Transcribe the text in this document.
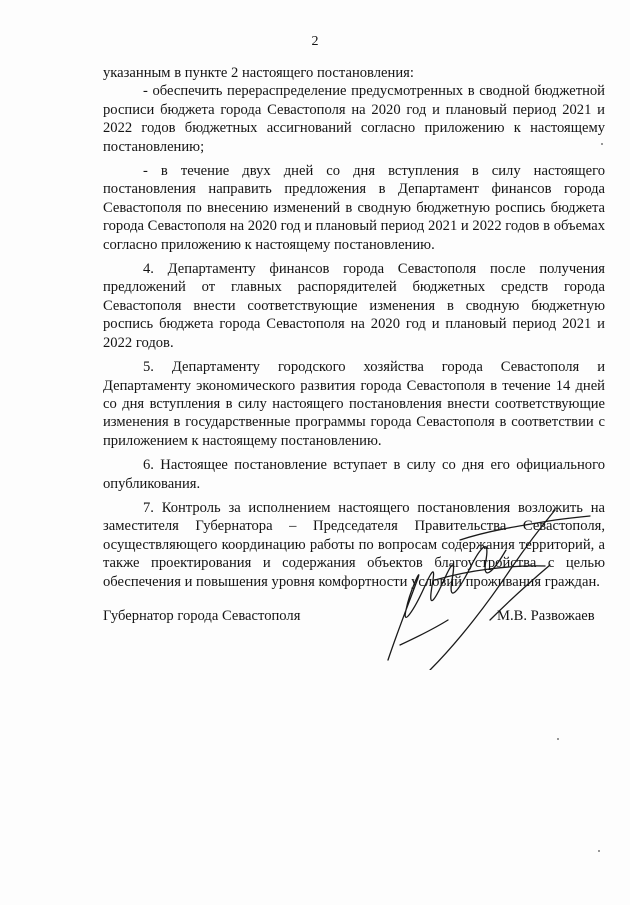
2

указанным в пункте 2 настоящего постановления:

- обеспечить перераспределение предусмотренных в сводной бюджетной росписи бюджета города Севастополя на 2020 год и плановый период 2021 и 2022 годов бюджетных ассигнований согласно приложению к настоящему постановлению;

- в течение двух дней со дня вступления в силу настоящего постановления направить предложения в Департамент финансов города Севастополя по внесению изменений в сводную бюджетную роспись бюджета города Севастополя на 2020 год и плановый период 2021 и 2022 годов в объемах согласно приложению к настоящему постановлению.

4. Департаменту финансов города Севастополя после получения предложений от главных распорядителей бюджетных средств города Севастополя внести соответствующие изменения в сводную бюджетную роспись бюджета города Севастополя на 2020 год и плановый период 2021 и 2022 годов.

5. Департаменту городского хозяйства города Севастополя и Департаменту экономического развития города Севастополя в течение 14 дней со дня вступления в силу настоящего постановления внести соответствующие изменения в государственные программы города Севастополя в соответствии с приложением к настоящему постановлению.

6. Настоящее постановление вступает в силу со дня его официального опубликования.

7. Контроль за исполнением настоящего постановления возложить на заместителя Губернатора – Председателя Правительства Севастополя, осуществляющего координацию работы по вопросам содержания территорий, а также проектирования и содержания объектов благоустройства с целью обеспечения и повышения уровня комфортности условий проживания граждан.

Губернатор города Севастополя	М.В. Развожаев
